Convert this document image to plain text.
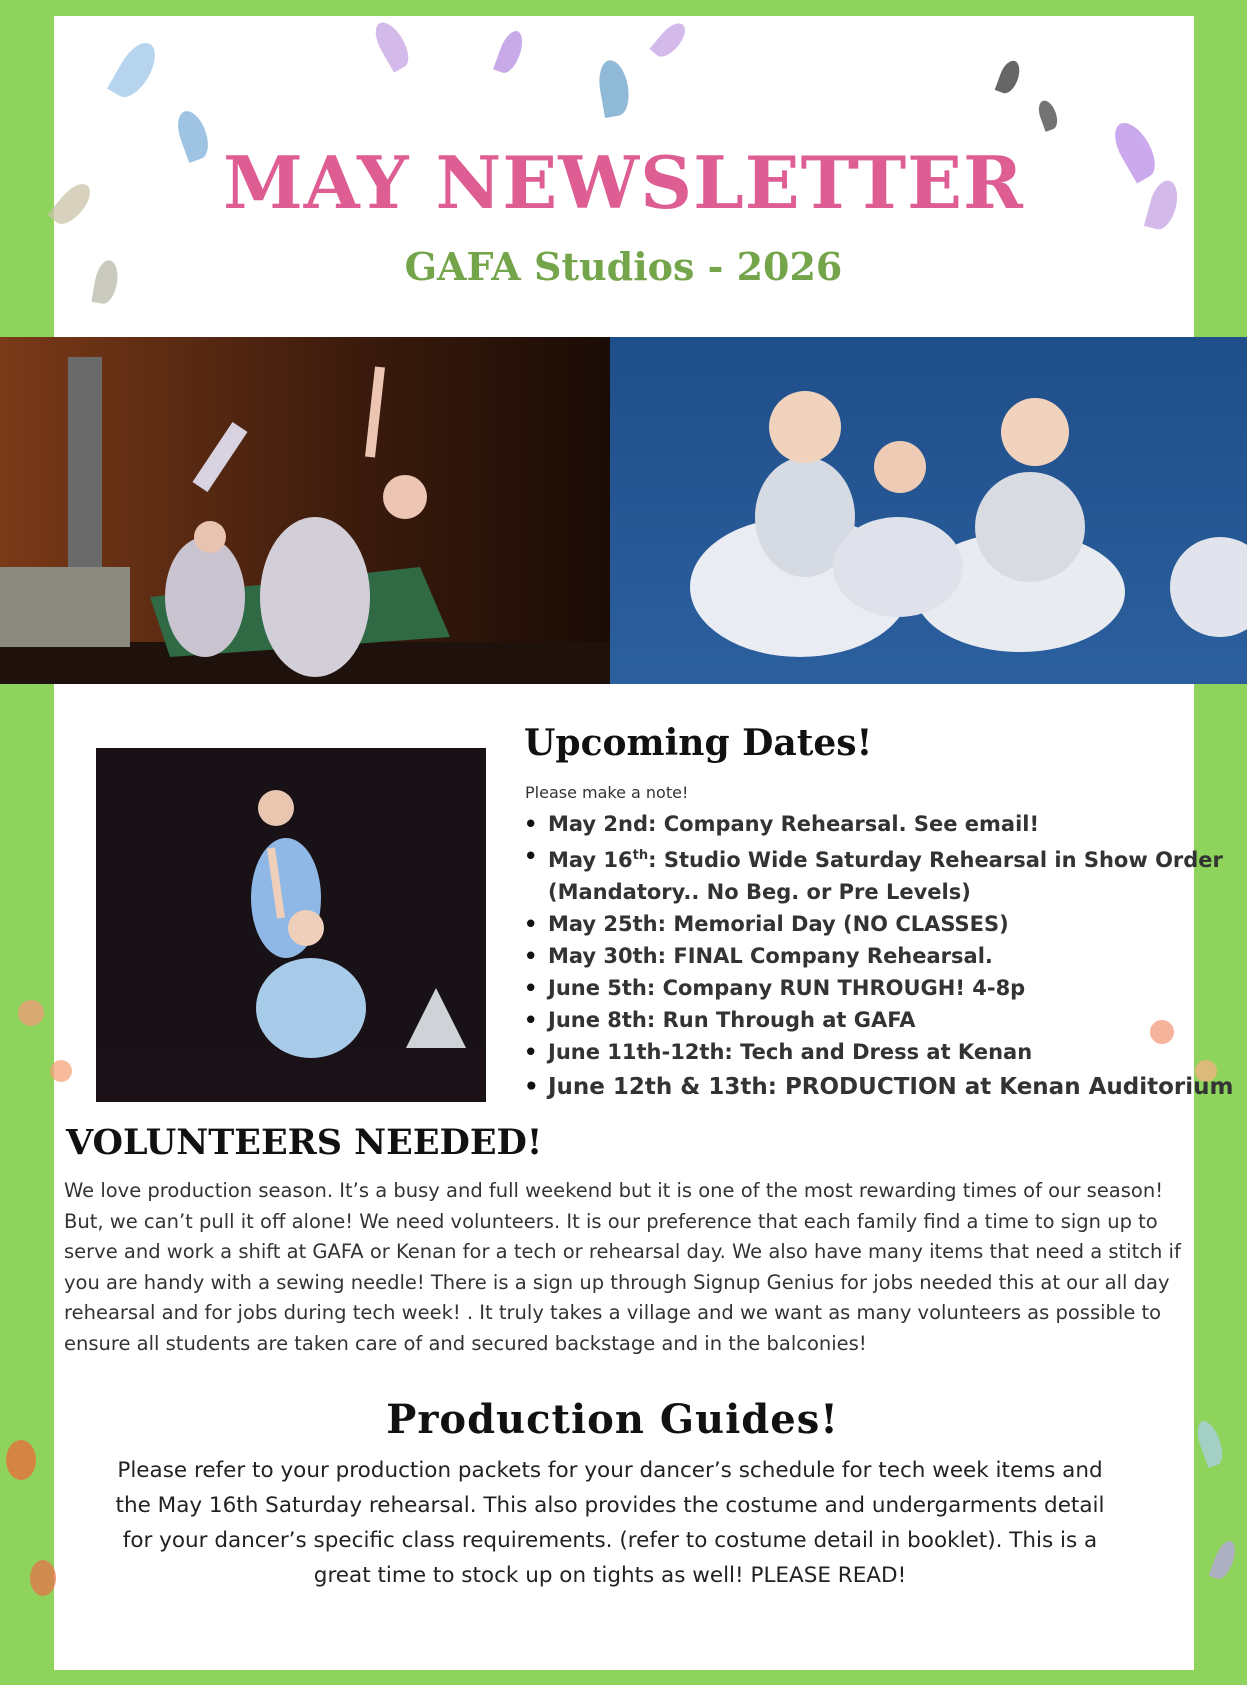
MAY NEWSLETTER
GAFA Studios - 2026
Upcoming Dates!
Please make a note!
• May 2nd: Company Rehearsal. See email!
• May 16th: Studio Wide Saturday Rehearsal in Show Order (Mandatory.. No Beg. or Pre Levels)
• May 25th: Memorial Day (NO CLASSES)
• May 30th: FINAL Company Rehearsal.
• June 5th: Company RUN THROUGH! 4-8p
• June 8th: Run Through at GAFA
• June 11th-12th: Tech and Dress at Kenan
• June 12th & 13th: PRODUCTION at Kenan Auditorium
VOLUNTEERS NEEDED!

We love production season. It’s a busy and full weekend but it is one of the most rewarding times of our season! But, we can’t pull it off alone! We need volunteers. It is our preference that each family find a time to sign up to serve and work a shift at GAFA or Kenan for a tech or rehearsal day. We also have many items that need a stitch if you are handy with a sewing needle! There is a sign up through Signup Genius for jobs needed this at our all day rehearsal and for jobs during tech week! . It truly takes a village and we want as many volunteers as possible to ensure all students are taken care of and secured backstage and in the balconies!

Production Guides!

Please refer to your production packets for your dancer’s schedule for tech week items and the May 16th Saturday rehearsal. This also provides the costume and undergarments detail for your dancer’s specific class requirements. (refer to costume detail in booklet). This is a great time to stock up on tights as well! PLEASE READ!
